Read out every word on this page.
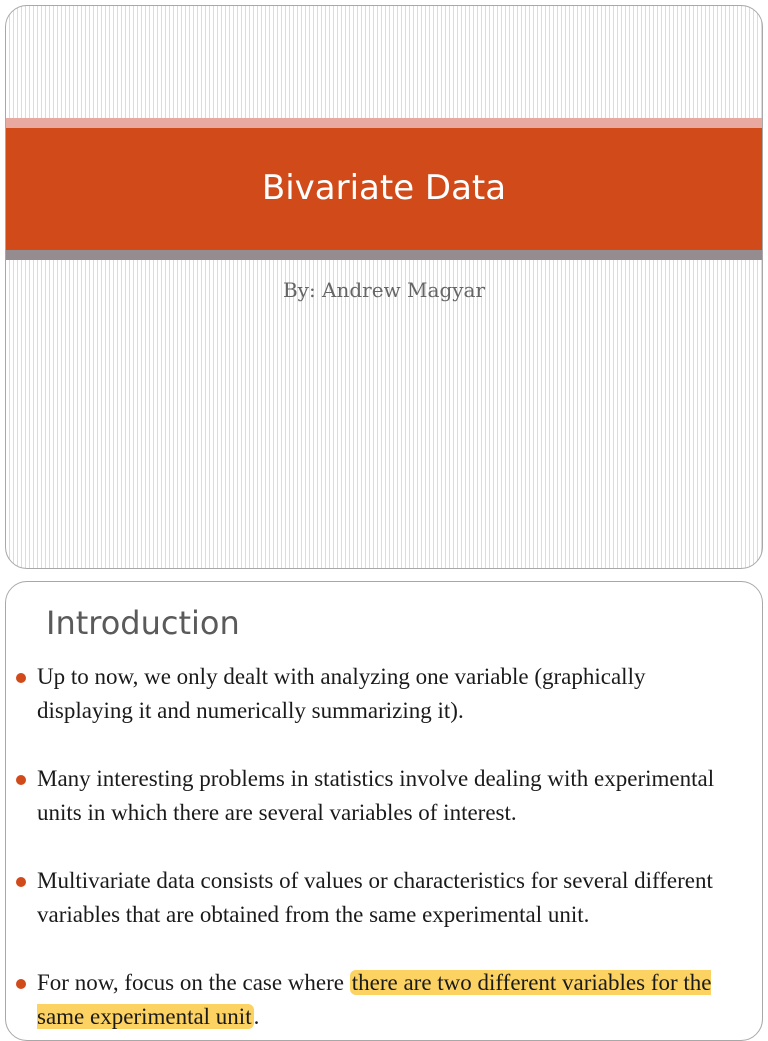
Bivariate Data
By: Andrew Magyar
Introduction
Up to now, we only dealt with analyzing one variable (graphically displaying it and numerically summarizing it).
Many interesting problems in statistics involve dealing with experimental units in which there are several variables of interest.
Multivariate data consists of values or characteristics for several different variables that are obtained from the same experimental unit.
For now, focus on the case where there are two different variables for the same experimental unit.
